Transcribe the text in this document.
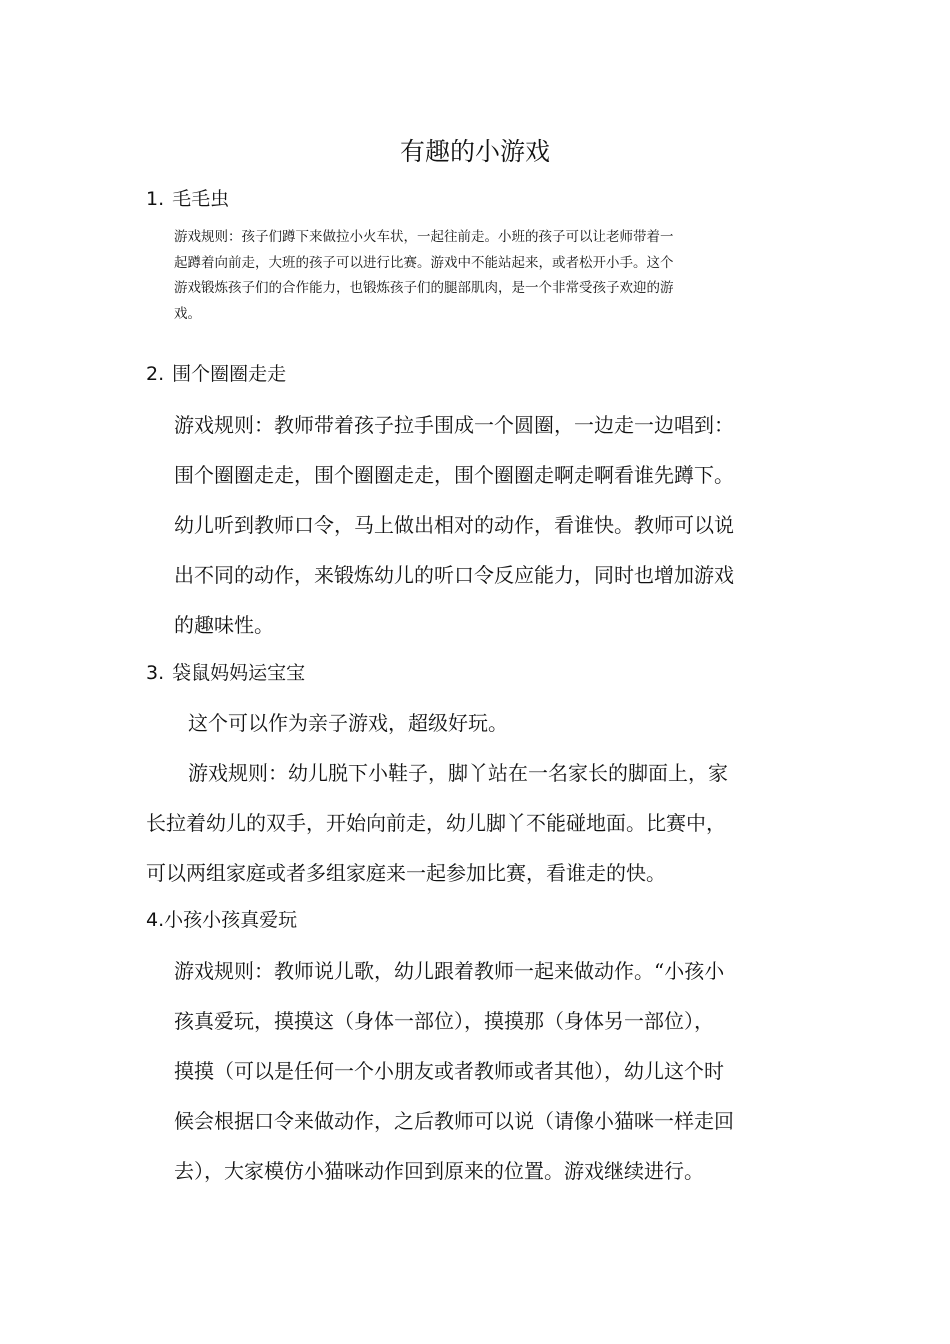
有趣的小游戏
1. 毛毛虫
游戏规则：孩子们蹲下来做拉小火车状，一起往前走。小班的孩子可以让老师带着一
起蹲着向前走，大班的孩子可以进行比赛。游戏中不能站起来，或者松开小手。这个
游戏锻炼孩子们的合作能力，也锻炼孩子们的腿部肌肉，是一个非常受孩子欢迎的游
戏。
2. 围个圈圈走走
游戏规则：教师带着孩子拉手围成一个圆圈，一边走一边唱到：
围个圈圈走走，围个圈圈走走，围个圈圈走啊走啊看谁先蹲下。
幼儿听到教师口令，马上做出相对的动作，看谁快。教师可以说
出不同的动作，来锻炼幼儿的听口令反应能力，同时也增加游戏
的趣味性。
3. 袋鼠妈妈运宝宝
这个可以作为亲子游戏，超级好玩。
游戏规则：幼儿脱下小鞋子，脚丫站在一名家长的脚面上，家
长拉着幼儿的双手，开始向前走，幼儿脚丫不能碰地面。比赛中，
可以两组家庭或者多组家庭来一起参加比赛，看谁走的快。
4.小孩小孩真爱玩
游戏规则：教师说儿歌，幼儿跟着教师一起来做动作。“小孩小
孩真爱玩，摸摸这（身体一部位），摸摸那（身体另一部位），
摸摸（可以是任何一个小朋友或者教师或者其他），幼儿这个时
候会根据口令来做动作，之后教师可以说（请像小猫咪一样走回
去），大家模仿小猫咪动作回到原来的位置。游戏继续进行。
